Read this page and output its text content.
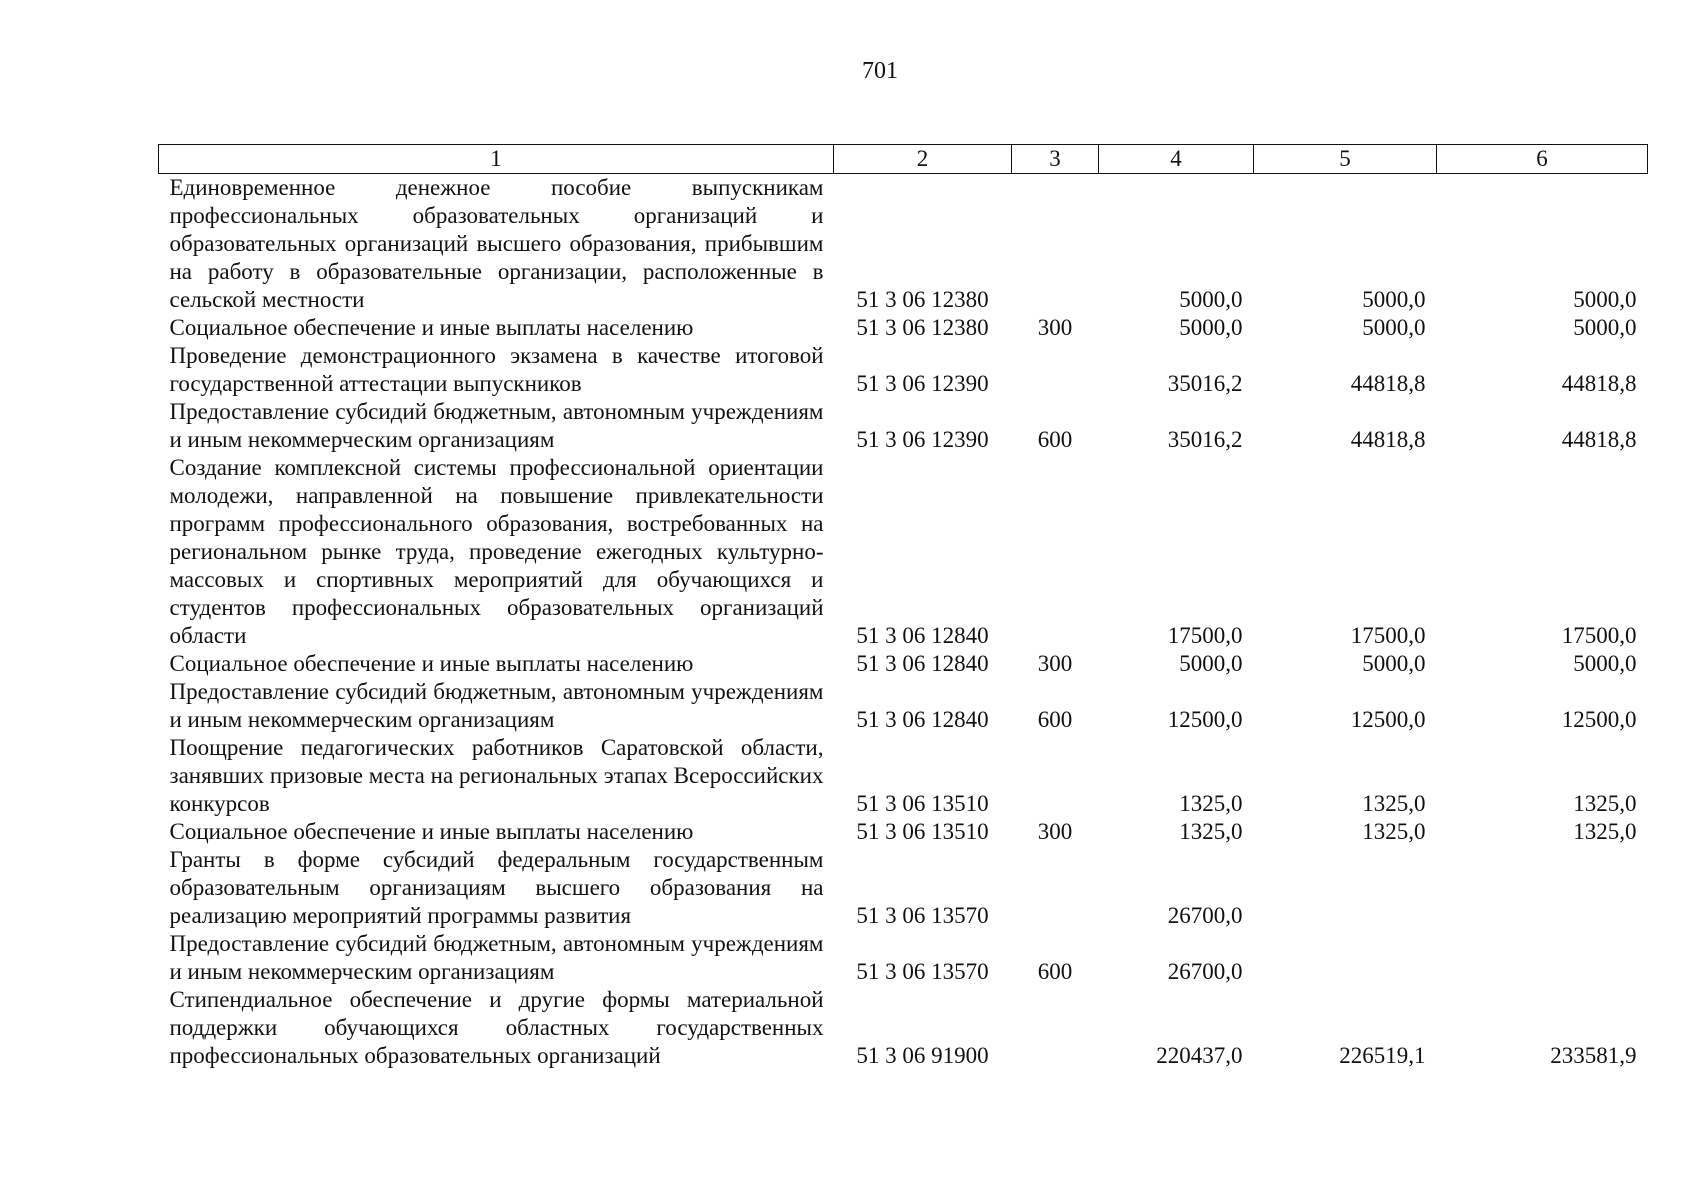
701
1	2	3	4	5	6
Единовременное денежное пособие выпускникам профессиональных образовательных организаций и образовательных организаций высшего образования, прибывшим на работу в образовательные организации, расположенные в сельской местности	51 3 06 12380		5000,0	5000,0	5000,0
Социальное обеспечение и иные выплаты населению	51 3 06 12380	300	5000,0	5000,0	5000,0
Проведение демонстрационного экзамена в качестве итоговой государственной аттестации выпускников	51 3 06 12390		35016,2	44818,8	44818,8
Предоставление субсидий бюджетным, автономным учреждениям и иным некоммерческим организациям	51 3 06 12390	600	35016,2	44818,8	44818,8
Создание комплексной системы профессиональной ориентации молодежи, направленной на повышение привлекательности программ профессионального образования, востребованных на региональном рынке труда, проведение ежегодных культурно-массовых и спортивных мероприятий для обучающихся и студентов профессиональных образовательных организаций области	51 3 06 12840		17500,0	17500,0	17500,0
Социальное обеспечение и иные выплаты населению	51 3 06 12840	300	5000,0	5000,0	5000,0
Предоставление субсидий бюджетным, автономным учреждениям и иным некоммерческим организациям	51 3 06 12840	600	12500,0	12500,0	12500,0
Поощрение педагогических работников Саратовской области, занявших призовые места на региональных этапах Всероссийских конкурсов	51 3 06 13510		1325,0	1325,0	1325,0
Социальное обеспечение и иные выплаты населению	51 3 06 13510	300	1325,0	1325,0	1325,0
Гранты в форме субсидий федеральным государственным образовательным организациям высшего образования на реализацию мероприятий программы развития	51 3 06 13570		26700,0		
Предоставление субсидий бюджетным, автономным учреждениям и иным некоммерческим организациям	51 3 06 13570	600	26700,0		
Стипендиальное обеспечение и другие формы материальной поддержки обучающихся областных государственных профессиональных образовательных организаций	51 3 06 91900		220437,0	226519,1	233581,9
